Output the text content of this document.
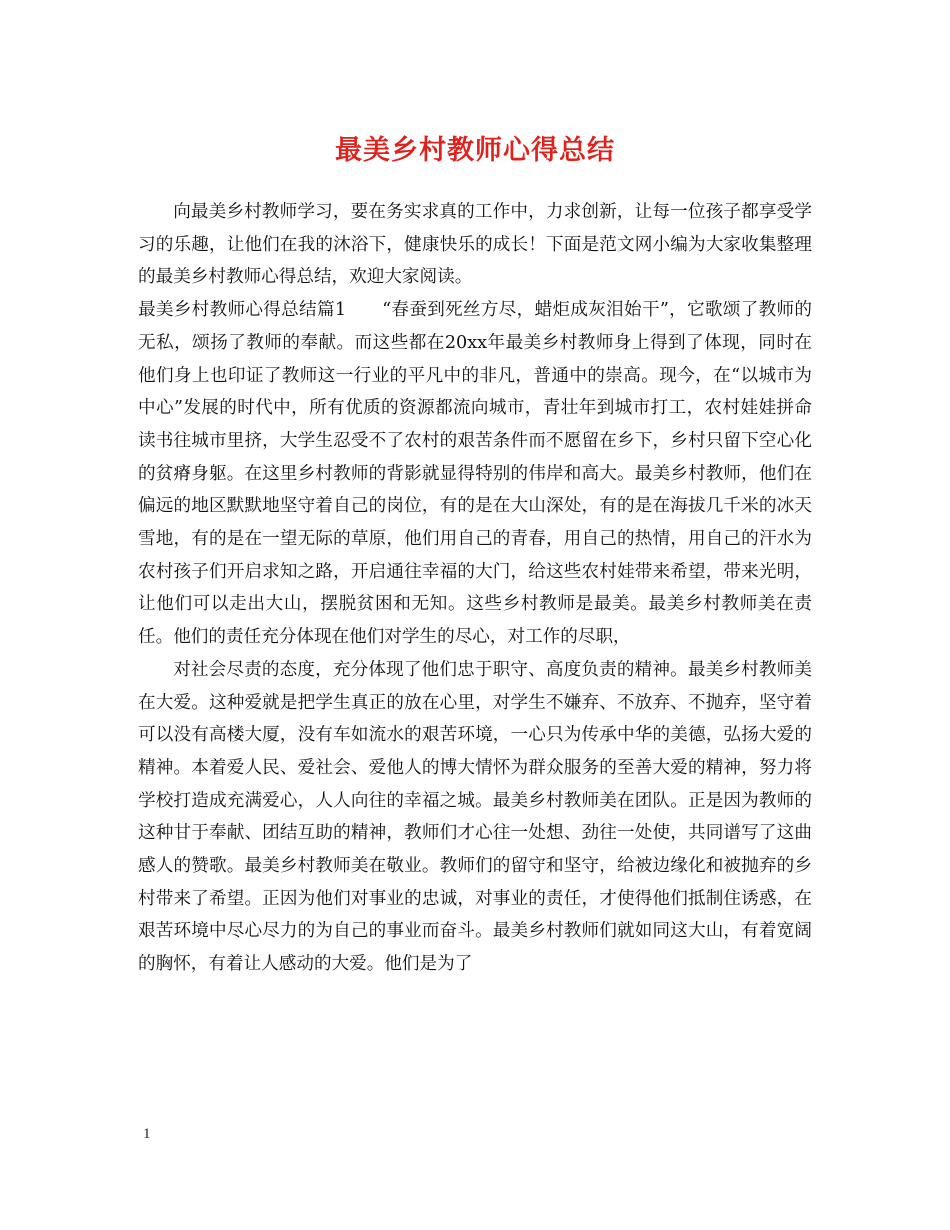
最美乡村教师心得总结

向最美乡村教师学习，要在务实求真的工作中，力求创新，让每一位孩子都享受学习的乐趣，让他们在我的沐浴下，健康快乐的成长！下面是范文网小编为大家收集整理的最美乡村教师心得总结，欢迎大家阅读。

最美乡村教师心得总结篇1　　“春蚕到死丝方尽，蜡炬成灰泪始干”，它歌颂了教师的无私，颂扬了教师的奉献。而这些都在20xx年最美乡村教师身上得到了体现，同时在他们身上也印证了教师这一行业的平凡中的非凡，普通中的崇高。现今，在“以城市为中心”发展的时代中，所有优质的资源都流向城市，青壮年到城市打工，农村娃娃拼命读书往城市里挤，大学生忍受不了农村的艰苦条件而不愿留在乡下，乡村只留下空心化的贫瘠身躯。在这里乡村教师的背影就显得特别的伟岸和高大。最美乡村教师，他们在偏远的地区默默地坚守着自己的岗位，有的是在大山深处，有的是在海拔几千米的冰天雪地，有的是在一望无际的草原，他们用自己的青春，用自己的热情，用自己的汗水为农村孩子们开启求知之路，开启通往幸福的大门，给这些农村娃带来希望，带来光明，让他们可以走出大山，摆脱贫困和无知。这些乡村教师是最美。最美乡村教师美在责任。他们的责任充分体现在他们对学生的尽心，对工作的尽职，

对社会尽责的态度，充分体现了他们忠于职守、高度负责的精神。最美乡村教师美在大爱。这种爱就是把学生真正的放在心里，对学生不嫌弃、不放弃、不抛弃，坚守着可以没有高楼大厦，没有车如流水的艰苦环境，一心只为传承中华的美德，弘扬大爱的精神。本着爱人民、爱社会、爱他人的博大情怀为群众服务的至善大爱的精神，努力将学校打造成充满爱心，人人向往的幸福之城。最美乡村教师美在团队。正是因为教师的这种甘于奉献、团结互助的精神，教师们才心往一处想、劲往一处使，共同谱写了这曲感人的赞歌。最美乡村教师美在敬业。教师们的留守和坚守，给被边缘化和被抛弃的乡村带来了希望。正因为他们对事业的忠诚，对事业的责任，才使得他们抵制住诱惑，在艰苦环境中尽心尽力的为自己的事业而奋斗。最美乡村教师们就如同这大山，有着宽阔的胸怀，有着让人感动的大爱。他们是为了

1
